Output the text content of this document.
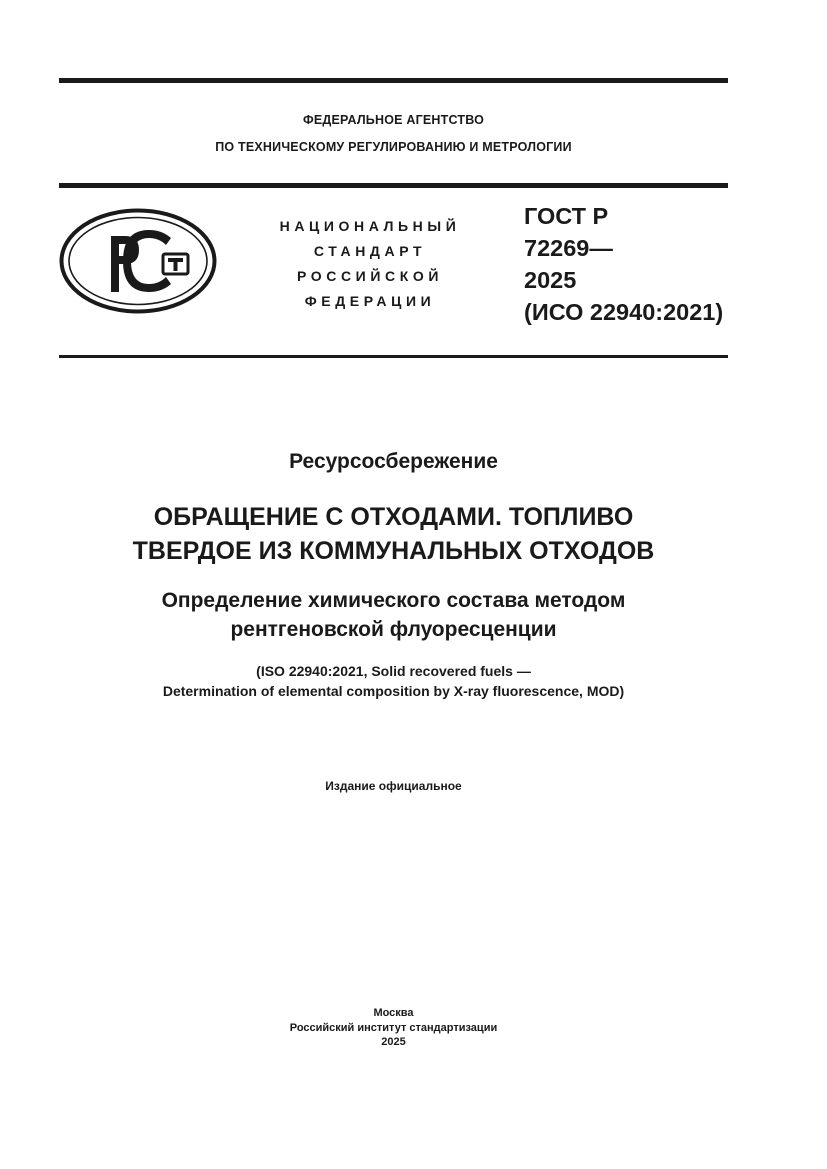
ФЕДЕРАЛЬНОЕ АГЕНТСТВО
ПО ТЕХНИЧЕСКОМУ РЕГУЛИРОВАНИЮ И МЕТРОЛОГИИ
НАЦИОНАЛЬНЫЙ
СТАНДАРТ
РОССИЙСКОЙ
ФЕДЕРАЦИИ
ГОСТ Р
72269—
2025
(ИСО 22940:2021)
Ресурсосбережение
ОБРАЩЕНИЕ С ОТХОДАМИ. ТОПЛИВО
ТВЕРДОЕ ИЗ КОММУНАЛЬНЫХ ОТХОДОВ
Определение химического состава методом
рентгеновской флуоресценции
(ISO 22940:2021, Solid recovered fuels —
Determination of elemental composition by X-ray fluorescence, MOD)
Издание официальное
Москва
Российский институт стандартизации
2025
